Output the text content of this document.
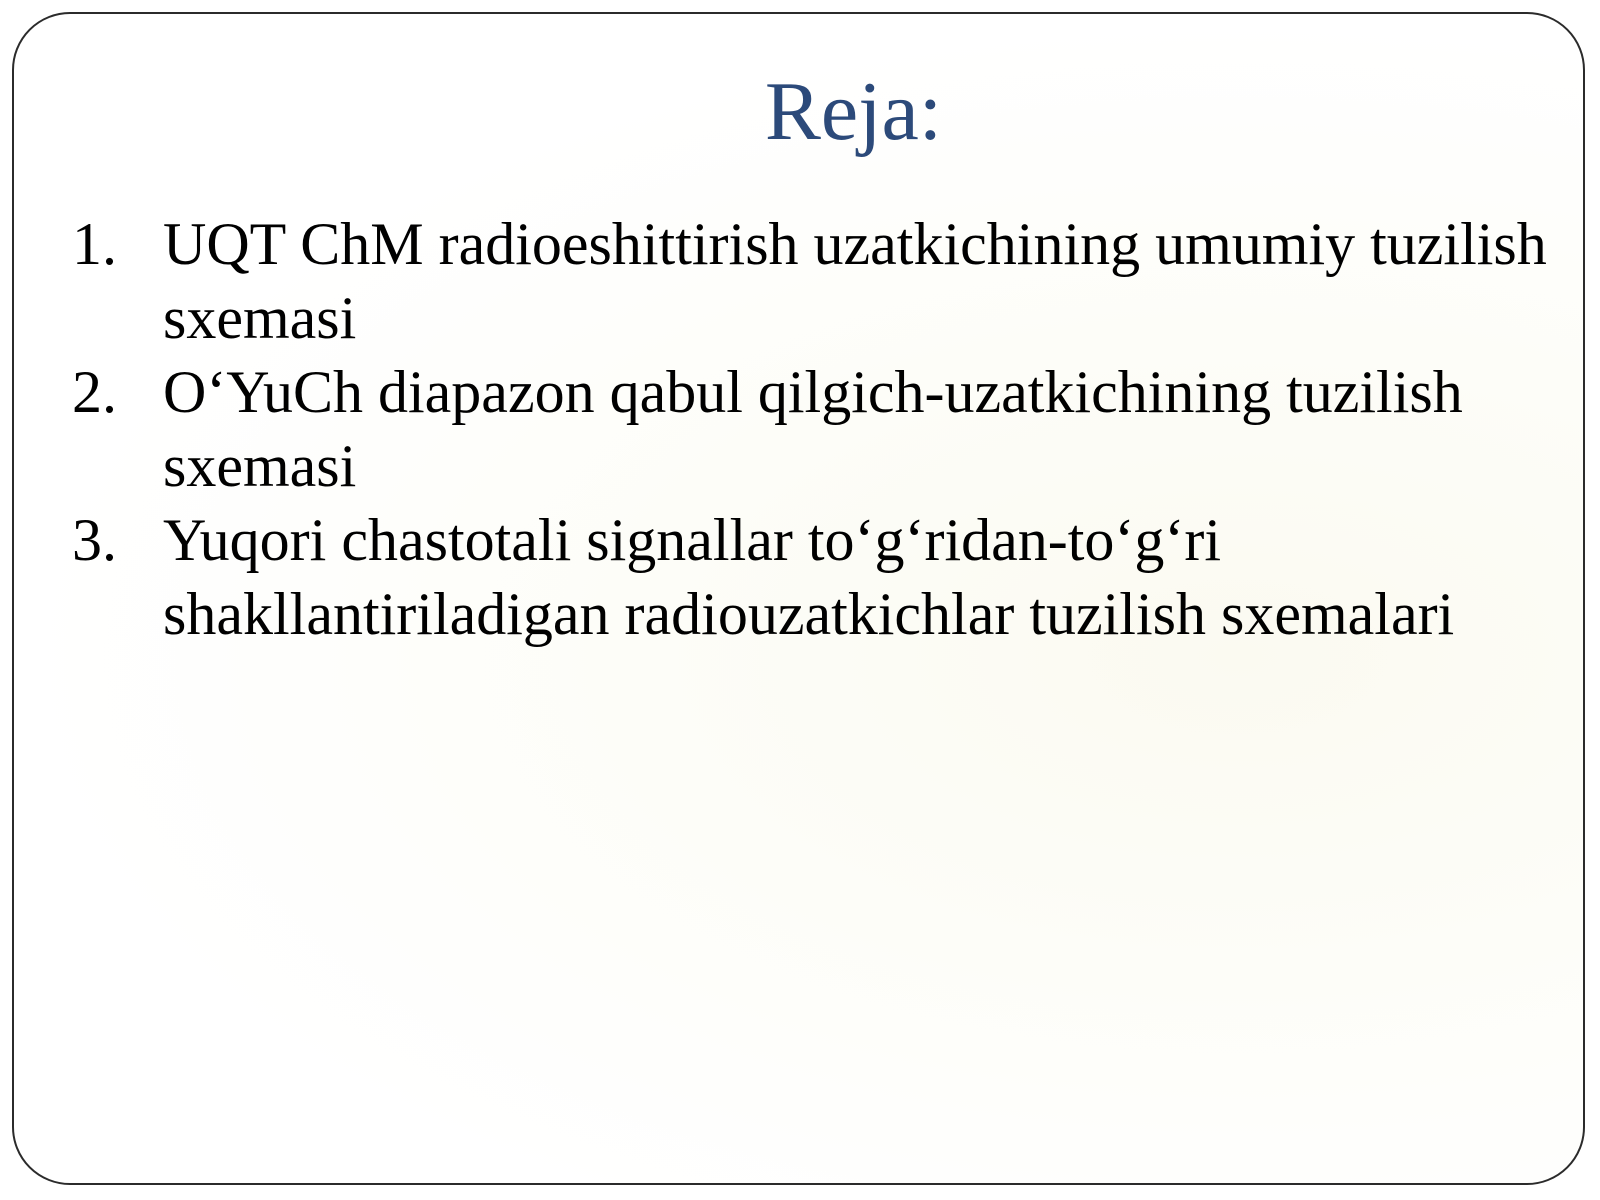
Reja:
1. UQT ChM radioeshittirish uzatkichining umumiy tuzilish sxemasi
2. O‘YuCh diapazon qabul qilgich-uzatkichining tuzilish sxemasi
3. Yuqori chastotali signallar to‘g‘ridan-to‘g‘ri shakllantiriladigan radiouzatkichlar tuzilish sxemalari
